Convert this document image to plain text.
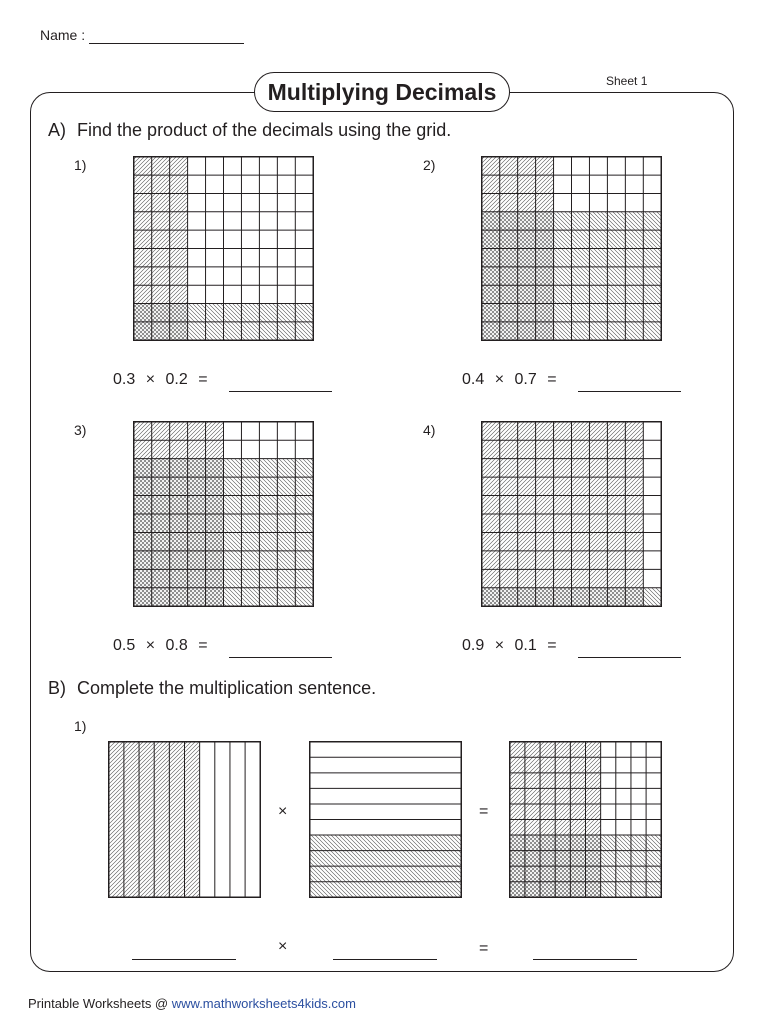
Name :
Multiplying Decimals	Sheet 1
A) Find the product of the decimals using the grid.
1)
0.3 × 0.2 =
2)
0.4 × 0.7 =
3)
0.5 × 0.8 =
4)
0.9 × 0.1 =
B) Complete the multiplication sentence.
1)
×	=
×	=
Printable Worksheets @ www.mathworksheets4kids.com
